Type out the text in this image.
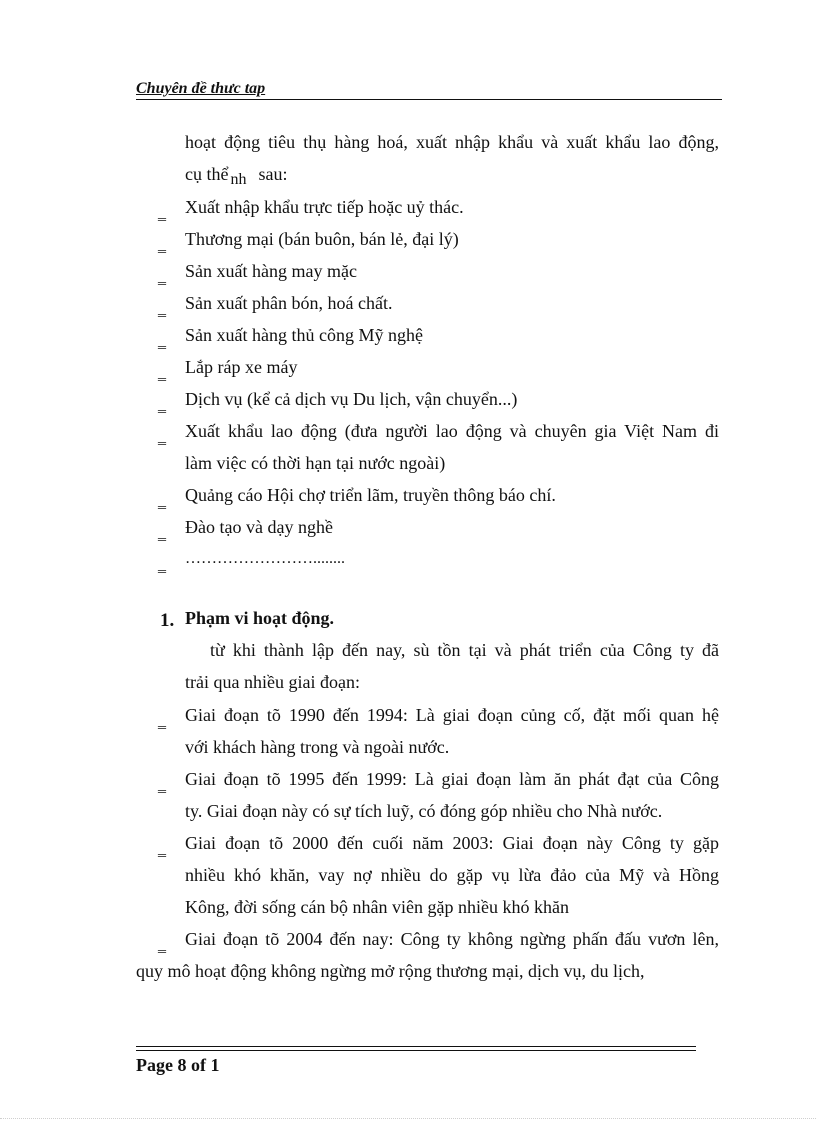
Chuyên đề thưc tap
hoạt động tiêu thụ hàng hoá, xuất nhập khẩu và xuất khẩu lao động,
cụ thể nh sau:
‗ Xuất nhập khẩu trực tiếp hoặc uỷ thác.
‗ Thương mại (bán buôn, bán lẻ, đại lý)
‗ Sản xuất hàng may mặc
‗ Sản xuất phân bón, hoá chất.
‗ Sản xuất hàng thủ công Mỹ nghệ
‗ Lắp ráp xe máy
‗ Dịch vụ (kể cả dịch vụ Du lịch, vận chuyển...)
‗ Xuất khẩu lao động (đưa người lao động và chuyên gia Việt Nam đi
làm việc có thời hạn tại nước ngoài)
‗ Quảng cáo Hội chợ triển lãm, truyền thông báo chí.
‗ Đào tạo và dạy nghề
‗ ……………………........
1. Phạm vi hoạt động.
từ khi thành lập đến nay, sù tồn tại và phát triển của Công ty đã
trải qua nhiều giai đoạn:
‗ Giai đoạn tõ 1990 đến 1994: Là giai đoạn củng cố, đặt mối quan hệ
với khách hàng trong và ngoài nước.
‗ Giai đoạn tõ 1995 đến 1999: Là giai đoạn làm ăn phát đạt của Công
ty. Giai đoạn này có sự tích luỹ, có đóng góp nhiều cho Nhà nước.
‗ Giai đoạn tõ 2000 đến cuối năm 2003: Giai đoạn này Công ty gặp
nhiều khó khăn, vay nợ nhiều do gặp vụ lừa đảo của Mỹ và Hồng
Kông, đời sống cán bộ nhân viên gặp nhiều khó khăn
‗ Giai đoạn tõ 2004 đến nay: Công ty không ngừng phấn đấu vươn lên,
quy mô hoạt động không ngừng mở rộng thương mại, dịch vụ, du lịch,
Page 8 of 1
